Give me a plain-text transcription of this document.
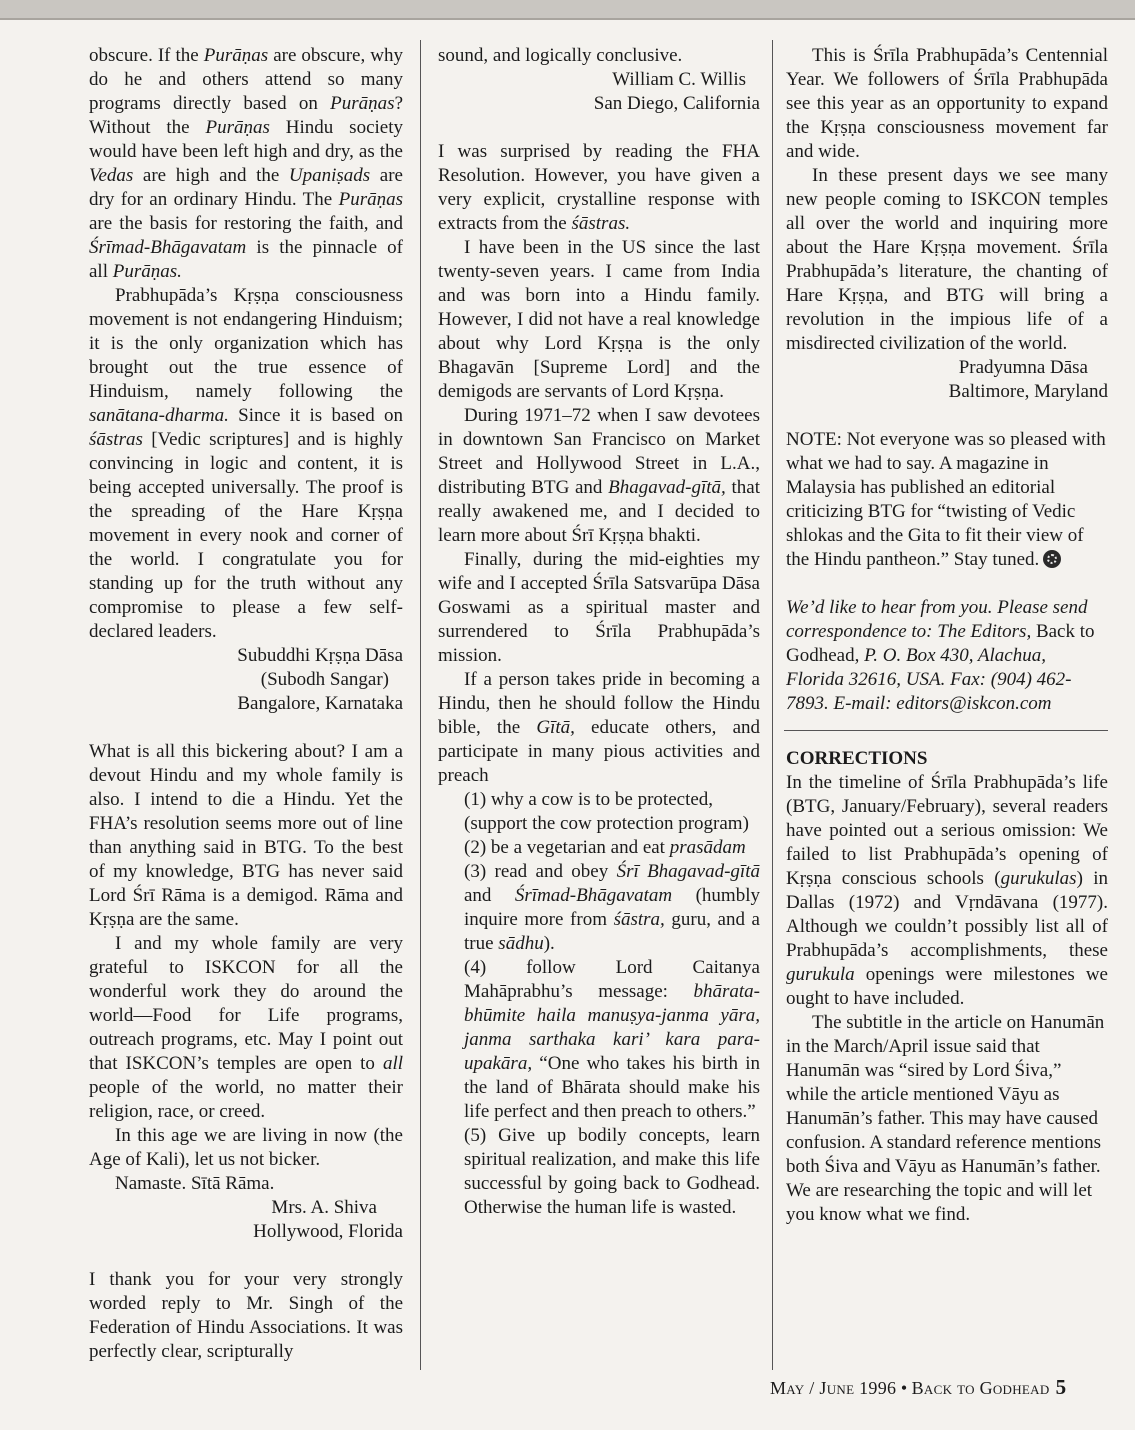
obscure. If the Purāṇas are obscure, why do he and others attend so many programs directly based on Purāṇas? Without the Purāṇas Hindu society would have been left high and dry, as the Vedas are high and the Upaniṣads are dry for an ordinary Hindu. The Purāṇas are the basis for restoring the faith, and Śrīmad-Bhāgavatam is the pinnacle of all Purāṇas.

Prabhupāda’s Kṛṣṇa consciousness movement is not endangering Hinduism; it is the only organization which has brought out the true essence of Hinduism, namely following the sanātana-dharma. Since it is based on śāstras [Vedic scriptures] and is highly convincing in logic and content, it is being accepted universally. The proof is the spreading of the Hare Kṛṣṇa movement in every nook and corner of the world. I congratulate you for standing up for the truth without any compromise to please a few self-declared leaders.

Subuddhi Kṛṣṇa Dāsa

(Subodh Sangar)

Bangalore, Karnataka

What is all this bickering about? I am a devout Hindu and my whole family is also. I intend to die a Hindu. Yet the FHA’s resolution seems more out of line than anything said in BTG. To the best of my knowledge, BTG has never said Lord Śrī Rāma is a demigod. Rāma and Kṛṣṇa are the same.

I and my whole family are very grateful to ISKCON for all the wonderful work they do around the world—Food for Life programs, outreach programs, etc. May I point out that ISKCON’s temples are open to all people of the world, no matter their religion, race, or creed.

In this age we are living in now (the Age of Kali), let us not bicker.

Namaste. Sītā Rāma.

Mrs. A. Shiva

Hollywood, Florida

I thank you for your very strongly worded reply to Mr. Singh of the Federation of Hindu Associations. It was perfectly clear, scripturally

sound, and logically conclusive.

William C. Willis

San Diego, California

I was surprised by reading the FHA Resolution. However, you have given a very explicit, crystalline response with extracts from the śāstras.

I have been in the US since the last twenty-seven years. I came from India and was born into a Hindu family. However, I did not have a real knowledge about why Lord Kṛṣṇa is the only Bhagavān [Supreme Lord] and the demigods are servants of Lord Kṛṣṇa.

During 1971–72 when I saw devotees in downtown San Francisco on Market Street and Hollywood Street in L.A., distributing BTG and Bhagavad-gītā, that really awakened me, and I decided to learn more about Śrī Kṛṣṇa bhakti.

Finally, during the mid-eighties my wife and I accepted Śrīla Satsvarūpa Dāsa Goswami as a spiritual master and surrendered to Śrīla Prabhupāda’s mission.

If a person takes pride in becoming a Hindu, then he should follow the Hindu bible, the Gītā, educate others, and participate in many pious activities and preach

(1) why a cow is to be protected, (support the cow protection program)

(2) be a vegetarian and eat prasādam

(3) read and obey Śrī Bhagavad-gītā and Śrīmad-Bhāgavatam (humbly inquire more from śāstra, guru, and a true sādhu).

(4) follow Lord Caitanya Mahāprabhu’s message: bhārata-bhūmite haila manuṣya-janma yāra, janma sarthaka kari’ kara para-upakāra, “One who takes his birth in the land of Bhārata should make his life perfect and then preach to others.”

(5) Give up bodily concepts, learn spiritual realization, and make this life successful by going back to Godhead. Otherwise the human life is wasted.

This is Śrīla Prabhupāda’s Centennial Year. We followers of Śrīla Prabhupāda see this year as an opportunity to expand the Kṛṣṇa consciousness movement far and wide.

In these present days we see many new people coming to ISKCON temples all over the world and inquiring more about the Hare Kṛṣṇa movement. Śrīla Prabhupāda’s literature, the chanting of Hare Kṛṣṇa, and BTG will bring a revolution in the impious life of a misdirected civilization of the world.

Pradyumna Dāsa

Baltimore, Maryland

NOTE: Not everyone was so pleased with what we had to say. A magazine in Malaysia has published an editorial criticizing BTG for “twisting of Vedic shlokas and the Gita to fit their view of the Hindu pantheon.” Stay tuned.

We’d like to hear from you. Please send correspondence to: The Editors, Back to Godhead, P. O. Box 430, Alachua, Florida 32616, USA. Fax: (904) 462-7893. E-mail: editors@iskcon.com

CORRECTIONS

In the timeline of Śrīla Prabhupāda’s life (BTG, January/February), several readers have pointed out a serious omission: We failed to list Prabhupāda’s opening of Kṛṣṇa conscious schools (gurukulas) in Dallas (1972) and Vṛndāvana (1977). Although we couldn’t possibly list all of Prabhupāda’s accomplishments, these gurukula openings were milestones we ought to have included.

The subtitle in the article on Hanumān in the March/April issue said that Hanumān was “sired by Lord Śiva,” while the article mentioned Vāyu as Hanumān’s father. This may have caused confusion. A standard reference mentions both Śiva and Vāyu as Hanumān’s father. We are researching the topic and will let you know what we find.

May / June 1996 • Back to Godhead 5
